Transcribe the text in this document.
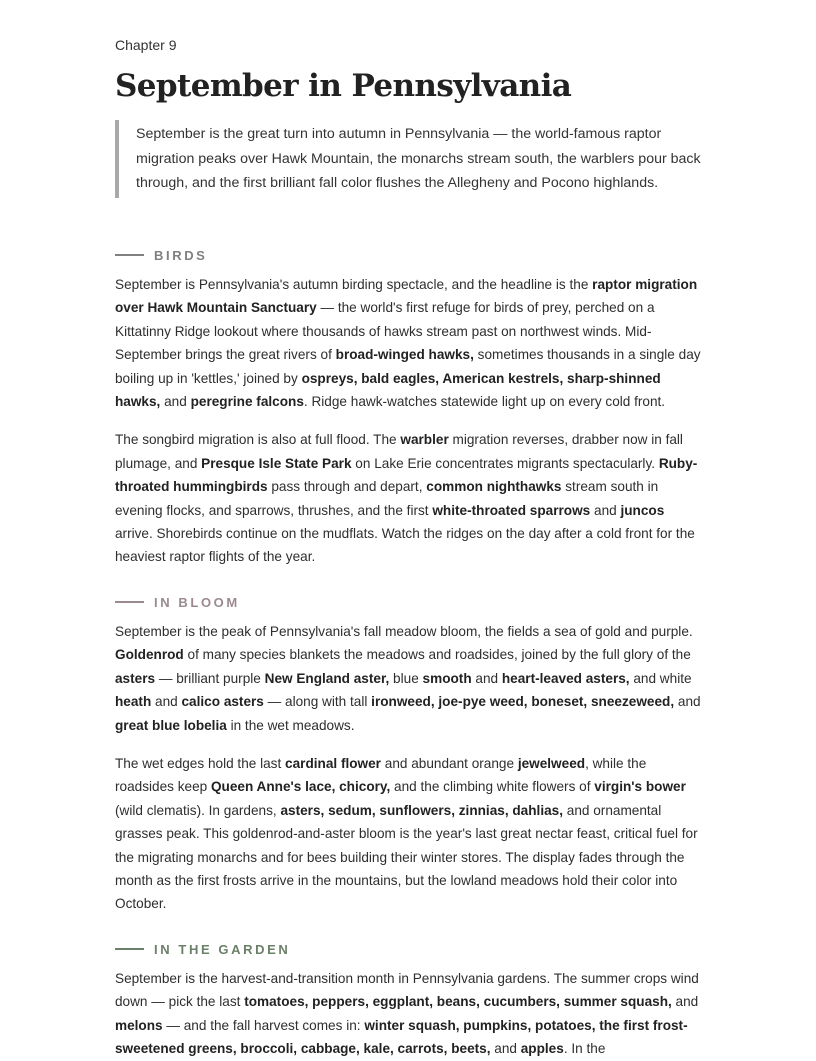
Chapter 9
September in Pennsylvania
September is the great turn into autumn in Pennsylvania — the world-famous raptor migration peaks over Hawk Mountain, the monarchs stream south, the warblers pour back through, and the first brilliant fall color flushes the Allegheny and Pocono highlands.
BIRDS

September is Pennsylvania's autumn birding spectacle, and the headline is the raptor migration over Hawk Mountain Sanctuary — the world's first refuge for birds of prey, perched on a Kittatinny Ridge lookout where thousands of hawks stream past on northwest winds. Mid-September brings the great rivers of broad-winged hawks, sometimes thousands in a single day boiling up in 'kettles,' joined by ospreys, bald eagles, American kestrels, sharp-shinned hawks, and peregrine falcons. Ridge hawk-watches statewide light up on every cold front.

The songbird migration is also at full flood. The warbler migration reverses, drabber now in fall plumage, and Presque Isle State Park on Lake Erie concentrates migrants spectacularly. Ruby-throated hummingbirds pass through and depart, common nighthawks stream south in evening flocks, and sparrows, thrushes, and the first white-throated sparrows and juncos arrive. Shorebirds continue on the mudflats. Watch the ridges on the day after a cold front for the heaviest raptor flights of the year.

IN BLOOM

September is the peak of Pennsylvania's fall meadow bloom, the fields a sea of gold and purple. Goldenrod of many species blankets the meadows and roadsides, joined by the full glory of the asters — brilliant purple New England aster, blue smooth and heart-leaved asters, and white heath and calico asters — along with tall ironweed, joe-pye weed, boneset, sneezeweed, and great blue lobelia in the wet meadows.

The wet edges hold the last cardinal flower and abundant orange jewelweed, while the roadsides keep Queen Anne's lace, chicory, and the climbing white flowers of virgin's bower (wild clematis). In gardens, asters, sedum, sunflowers, zinnias, dahlias, and ornamental grasses peak. This goldenrod-and-aster bloom is the year's last great nectar feast, critical fuel for the migrating monarchs and for bees building their winter stores. The display fades through the month as the first frosts arrive in the mountains, but the lowland meadows hold their color into October.

IN THE GARDEN

September is the harvest-and-transition month in Pennsylvania gardens. The summer crops wind down — pick the last tomatoes, peppers, eggplant, beans, cucumbers, summer squash, and melons — and the fall harvest comes in: winter squash, pumpkins, potatoes, the first frost-sweetened greens, broccoli, cabbage, kale, carrots, beets, and apples. In the
